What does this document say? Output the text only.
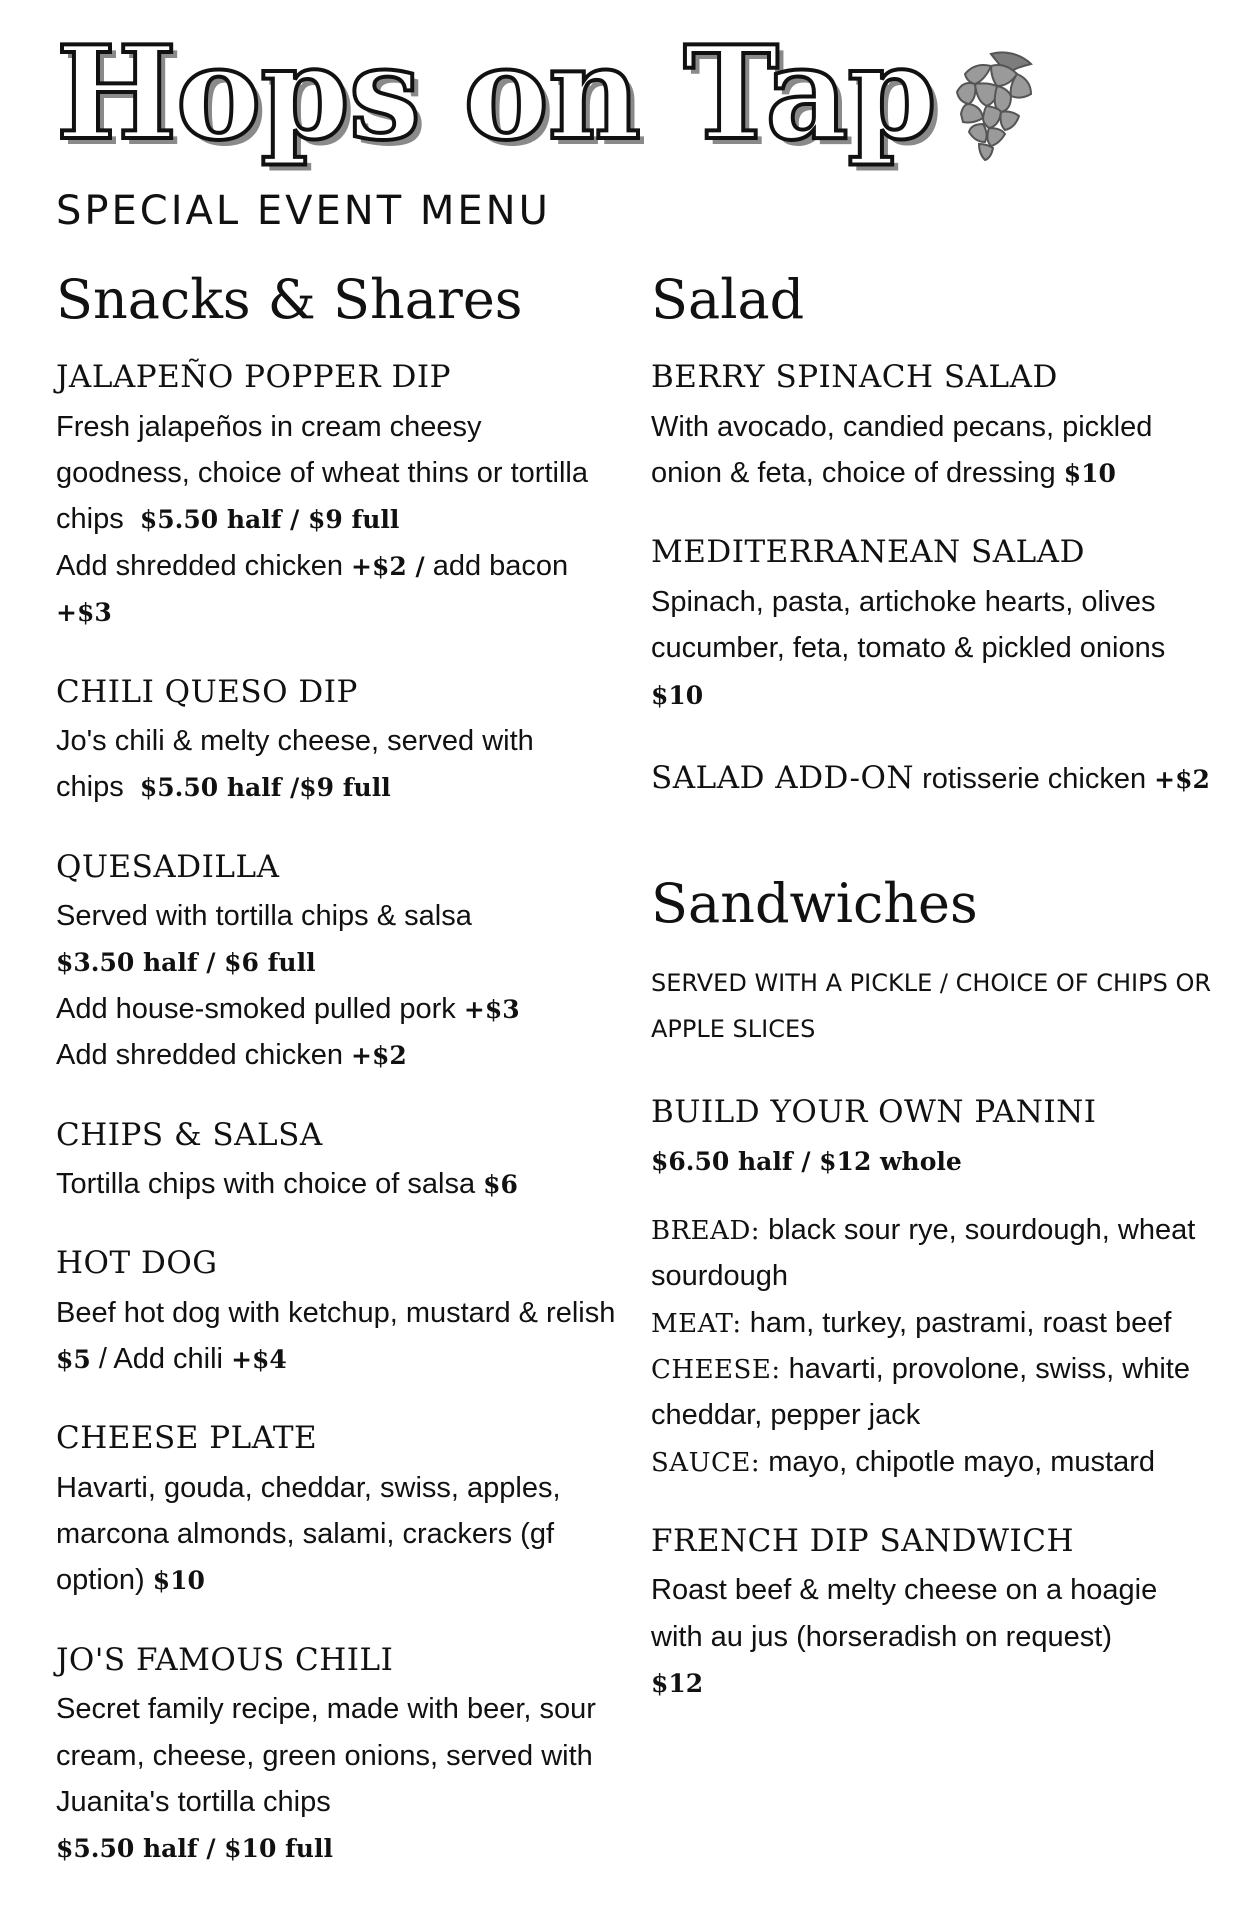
Hops on Tap
SPECIAL EVENT MENU
Snacks & Shares
JALAPEÑO POPPER DIP

Fresh jalapeños in cream cheesy goodness, choice of wheat thins or tortilla chips $5.50 half / $9 full
Add shredded chicken +$2 / add bacon +$3

CHILI QUESO DIP

Jo's chili & melty cheese, served with chips $5.50 half /$9 full

QUESADILLA

Served with tortilla chips & salsa
$3.50 half / $6 full
Add house-smoked pulled pork +$3
Add shredded chicken +$2

CHIPS & SALSA

Tortilla chips with choice of salsa $6

HOT DOG

Beef hot dog with ketchup, mustard & relish $5 / Add chili +$4

CHEESE PLATE

Havarti, gouda, cheddar, swiss, apples, marcona almonds, salami, crackers (gf option) $10

JO'S FAMOUS CHILI

Secret family recipe, made with beer, sour cream, cheese, green onions, served with Juanita's tortilla chips
$5.50 half / $10 full

Salad
BERRY SPINACH SALAD

With avocado, candied pecans, pickled onion & feta, choice of dressing $10

MEDITERRANEAN SALAD

Spinach, pasta, artichoke hearts, olives cucumber, feta, tomato & pickled onions $10

SALAD ADD-ON rotisserie chicken +$2

Sandwiches

SERVED WITH A PICKLE / CHOICE OF CHIPS OR APPLE SLICES

BUILD YOUR OWN PANINI

$6.50 half / $12 whole

BREAD: black sour rye, sourdough, wheat sourdough
MEAT: ham, turkey, pastrami, roast beef
CHEESE: havarti, provolone, swiss, white cheddar, pepper jack
SAUCE: mayo, chipotle mayo, mustard

FRENCH DIP SANDWICH

Roast beef & melty cheese on a hoagie with au jus (horseradish on request)
$12
